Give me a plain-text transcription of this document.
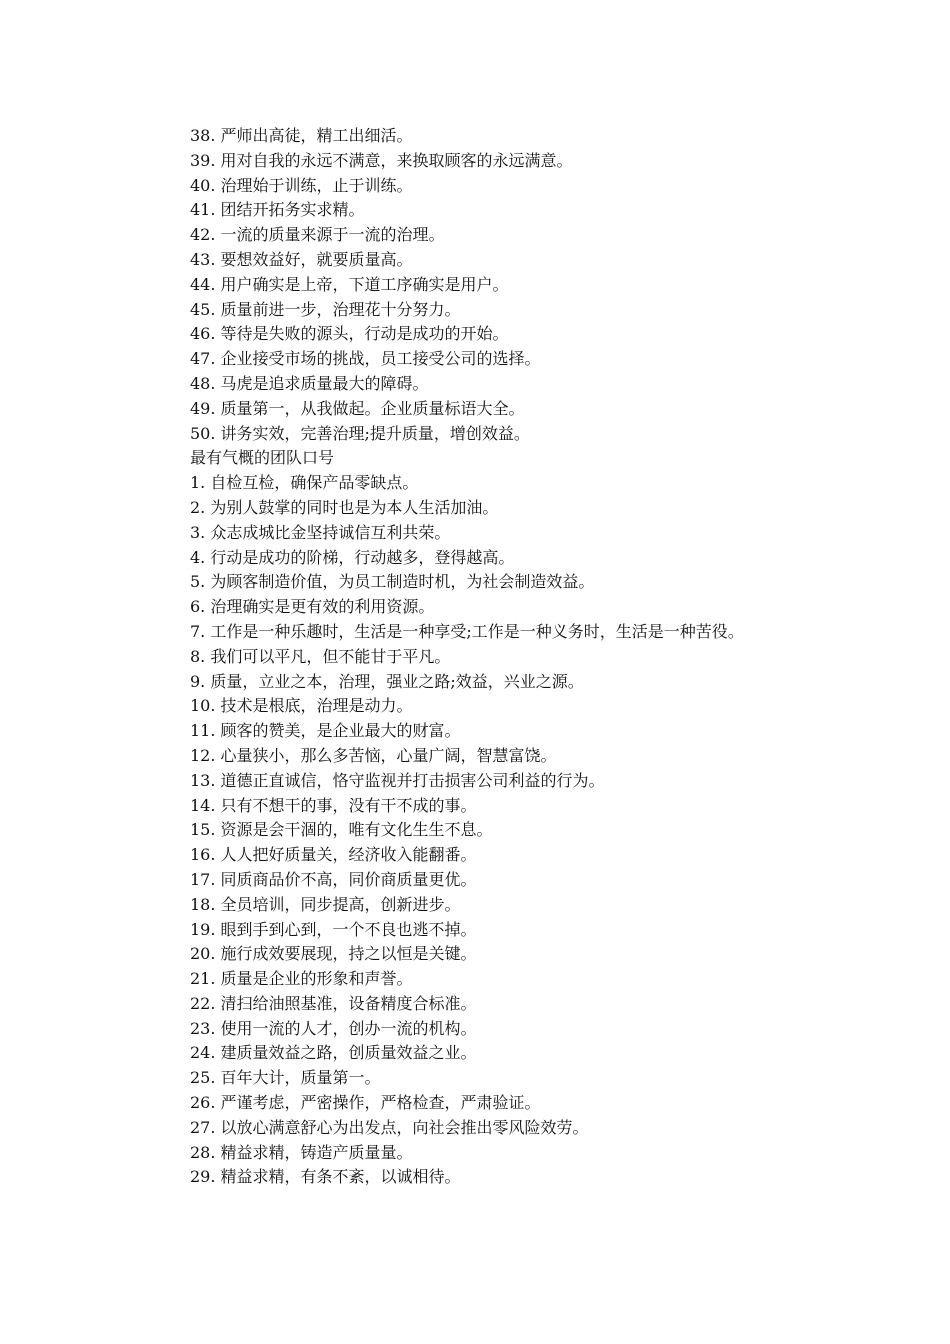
38. 严师出高徒，精工出细活。

39. 用对自我的永远不满意，来换取顾客的永远满意。

40. 治理始于训练，止于训练。

41. 团结开拓务实求精。

42. 一流的质量来源于一流的治理。

43. 要想效益好，就要质量高。

44. 用户确实是上帝，下道工序确实是用户。

45. 质量前进一步，治理花十分努力。

46. 等待是失败的源头，行动是成功的开始。

47. 企业接受市场的挑战，员工接受公司的选择。

48. 马虎是追求质量最大的障碍。

49. 质量第一，从我做起。企业质量标语大全。

50. 讲务实效，完善治理;提升质量，增创效益。

最有气概的团队口号

1. 自检互检，确保产品零缺点。

2. 为别人鼓掌的同时也是为本人生活加油。

3. 众志成城比金坚持诚信互利共荣。

4. 行动是成功的阶梯，行动越多，登得越高。

5. 为顾客制造价值，为员工制造时机，为社会制造效益。

6. 治理确实是更有效的利用资源。

7. 工作是一种乐趣时，生活是一种享受;工作是一种义务时，生活是一种苦役。

8. 我们可以平凡，但不能甘于平凡。

9. 质量，立业之本，治理，强业之路;效益，兴业之源。

10. 技术是根底，治理是动力。

11. 顾客的赞美，是企业最大的财富。

12. 心量狭小，那么多苦恼，心量广阔，智慧富饶。

13. 道德正直诚信，恪守监视并打击损害公司利益的行为。

14. 只有不想干的事，没有干不成的事。

15. 资源是会干涸的，唯有文化生生不息。

16. 人人把好质量关，经济收入能翻番。

17. 同质商品价不高，同价商质量更优。

18. 全员培训，同步提高，创新进步。

19. 眼到手到心到，一个不良也逃不掉。

20. 施行成效要展现，持之以恒是关键。

21. 质量是企业的形象和声誉。

22. 清扫给油照基准，设备精度合标准。

23. 使用一流的人才，创办一流的机构。

24. 建质量效益之路，创质量效益之业。

25. 百年大计，质量第一。

26. 严谨考虑，严密操作，严格检查，严肃验证。

27. 以放心满意舒心为出发点，向社会推出零风险效劳。

28. 精益求精，铸造产质量量。

29. 精益求精，有条不紊，以诚相待。
